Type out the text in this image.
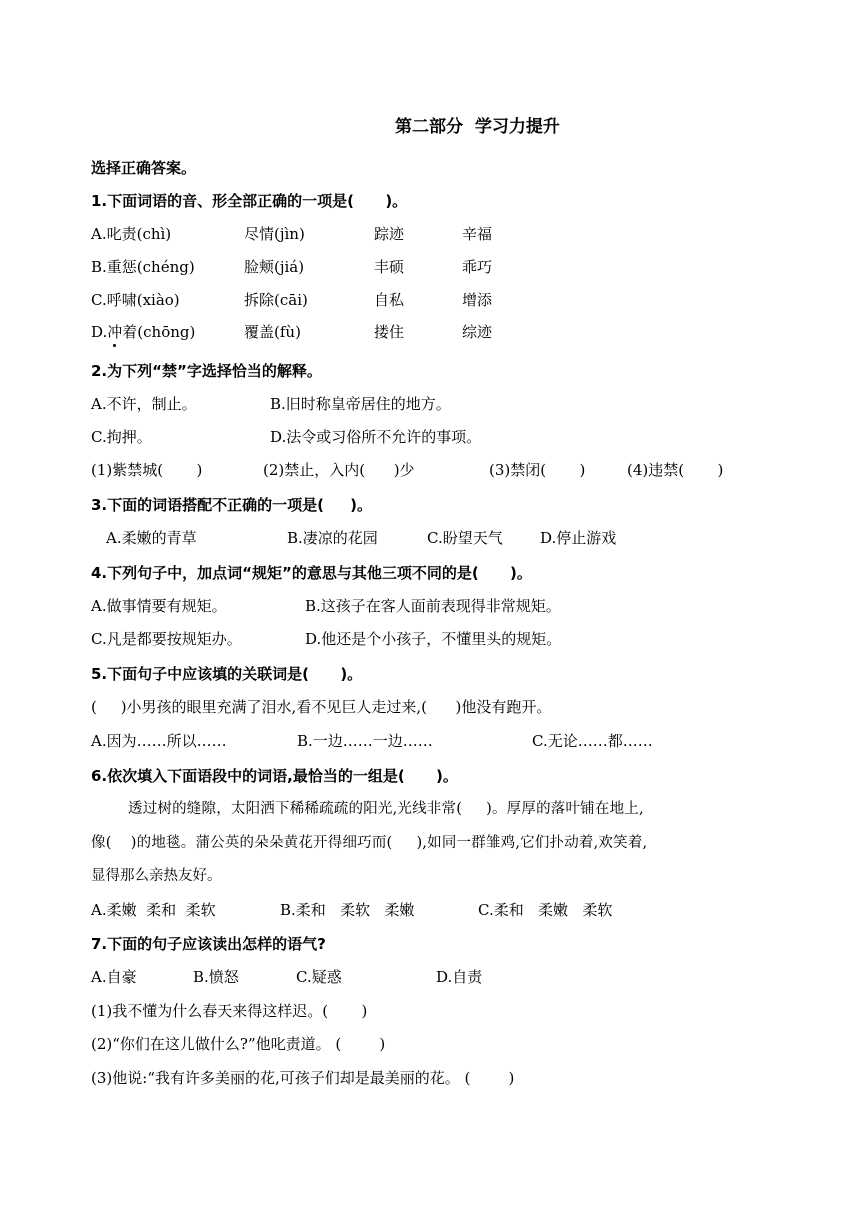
第二部分  学习力提升
选择正确答案。
1.下面词语的音、形全部正确的一项是(      )。
A.叱责(chì)	尽情(jìn)	踪迹	辛福
B.重惩(chéng)	脸颊(jiá)	丰硕	乖巧
C.呼啸(xiào)	拆除(cāi)	自私	增添
D.冲着(chōng)	覆盖(fù)	搂住	综迹
2.为下列“禁”字选择恰当的解释。
A.不许，制止。	B.旧时称皇帝居住的地方。
C.拘押。	D.法令或习俗所不允许的事项。
(1)紫禁城(       )	(2)禁止，入内(      )少	(3)禁闭(       )	(4)违禁(       )
3.下面的词语搭配不正确的一项是(     )。
A.柔嫩的青草	B.凄凉的花园	C.盼望天气 D.停止游戏
4.下列句子中，加点词“规矩”的意思与其他三项不同的是(      )。
A.做事情要有规矩。	B.这孩子在客人面前表现得非常规矩。
C.凡是都要按规矩办。	D.他还是个小孩子，不懂里头的规矩。
5.下面句子中应该填的关联词是(      )。
(     )小男孩的眼里充满了泪水,看不见巨人走过来,(      )他没有跑开。
A.因为……所以……	B.一边……一边……	C.无论……都……
6.依次填入下面语段中的词语,最恰当的一组是(      )。
透过树的缝隙，太阳洒下稀稀疏疏的阳光,光线非常(     )。厚厚的落叶铺在地上,
像(    )的地毯。蒲公英的朵朵黄花开得细巧而(     ),如同一群雏鸡,它们扑动着,欢笑着,
显得那么亲热友好。
A.柔嫩  柔和  柔软	B.柔和   柔软   柔嫩	C.柔和   柔嫩   柔软
7.下面的句子应该读出怎样的语气?
A.自豪	B.愤怒	C.疑惑	D.自责
(1)我不懂为什么春天来得这样迟。(       )
(2)“你们在这儿做什么?”他叱责道。 (        )
(3)他说:“我有许多美丽的花,可孩子们却是最美丽的花。 (        )
